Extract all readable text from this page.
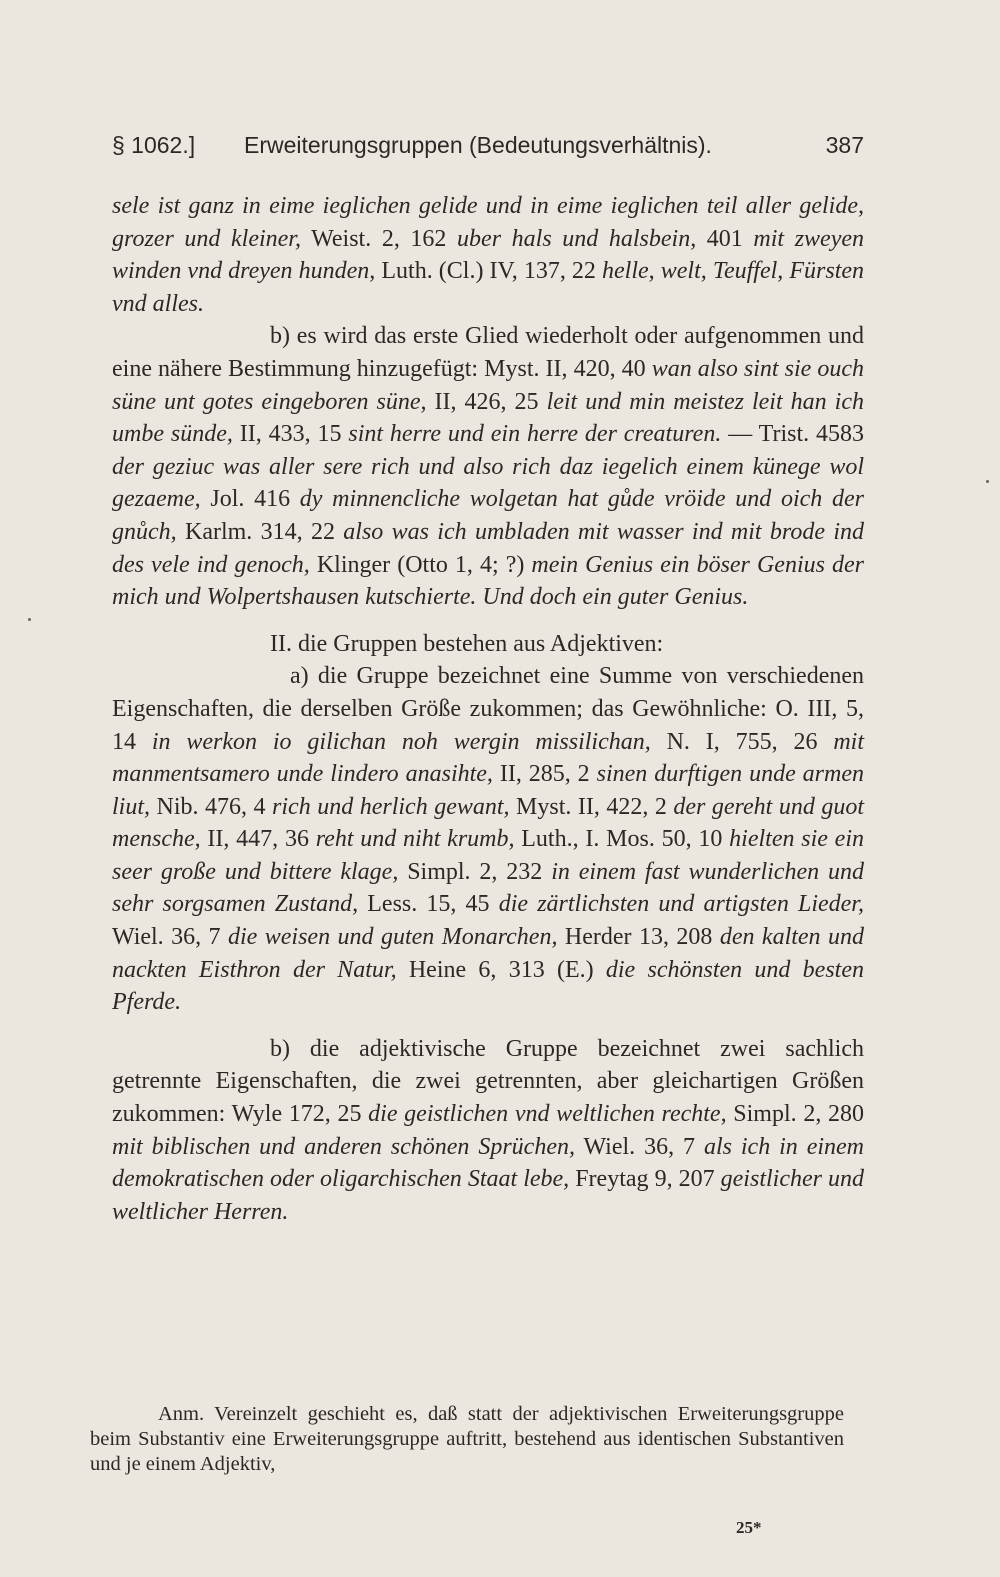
§ 1062.] Erweiterungsgruppen (Bedeutungsverhältnis).	387

sele ist ganz in eime ieglichen gelide und in eime ieglichen teil aller gelide, grozer und kleiner, Weist. 2, 162 uber hals und halsbein, 401 mit zweyen winden vnd dreyen hunden, Luth. (Cl.) IV, 137, 22 helle, welt, Teuffel, Fürsten vnd alles.

b) es wird das erste Glied wiederholt oder aufgenommen und eine nähere Bestimmung hinzugefügt: Myst. II, 420, 40 wan also sint sie ouch süne unt gotes eingeboren süne, II, 426, 25 leit und min meistez leit han ich umbe sünde, II, 433, 15 sint herre und ein herre der creaturen. — Trist. 4583 der geziuc was aller sere rich und also rich daz iegelich einem künege wol gezaeme, Jol. 416 dy minnencliche wolgetan hat gůde vröide und oich der gnůch, Karlm. 314, 22 also was ich umbladen mit wasser ind mit brode ind des vele ind genoch, Klinger (Otto 1, 4; ?) mein Genius ein böser Genius der mich und Wolpertshausen kutschierte. Und doch ein guter Genius.

II. die Gruppen bestehen aus Adjektiven:

a) die Gruppe bezeichnet eine Summe von verschiedenen Eigenschaften, die derselben Größe zukommen; das Gewöhnliche: O. III, 5, 14 in werkon io gilichan noh wergin missilichan, N. I, 755, 26 mit manmentsamero unde lindero anasihte, II, 285, 2 sinen durftigen unde armen liut, Nib. 476, 4 rich und herlich gewant, Myst. II, 422, 2 der gereht und guot mensche, II, 447, 36 reht und niht krumb, Luth., I. Mos. 50, 10 hielten sie ein seer große und bittere klage, Simpl. 2, 232 in einem fast wunderlichen und sehr sorgsamen Zustand, Less. 15, 45 die zärtlichsten und artigsten Lieder, Wiel. 36, 7 die weisen und guten Monarchen, Herder 13, 208 den kalten und nackten Eisthron der Natur, Heine 6, 313 (E.) die schönsten und besten Pferde.

b) die adjektivische Gruppe bezeichnet zwei sachlich getrennte Eigenschaften, die zwei getrennten, aber gleichartigen Größen zukommen: Wyle 172, 25 die geistlichen vnd weltlichen rechte, Simpl. 2, 280 mit biblischen und anderen schönen Sprüchen, Wiel. 36, 7 als ich in einem demokratischen oder oligarchischen Staat lebe, Freytag 9, 207 geistlicher und weltlicher Herren.

Anm. Vereinzelt geschieht es, daß statt der adjektivischen Erweiterungsgruppe beim Substantiv eine Erweiterungsgruppe auftritt, bestehend aus identischen Substantiven und je einem Adjektiv,

25*
